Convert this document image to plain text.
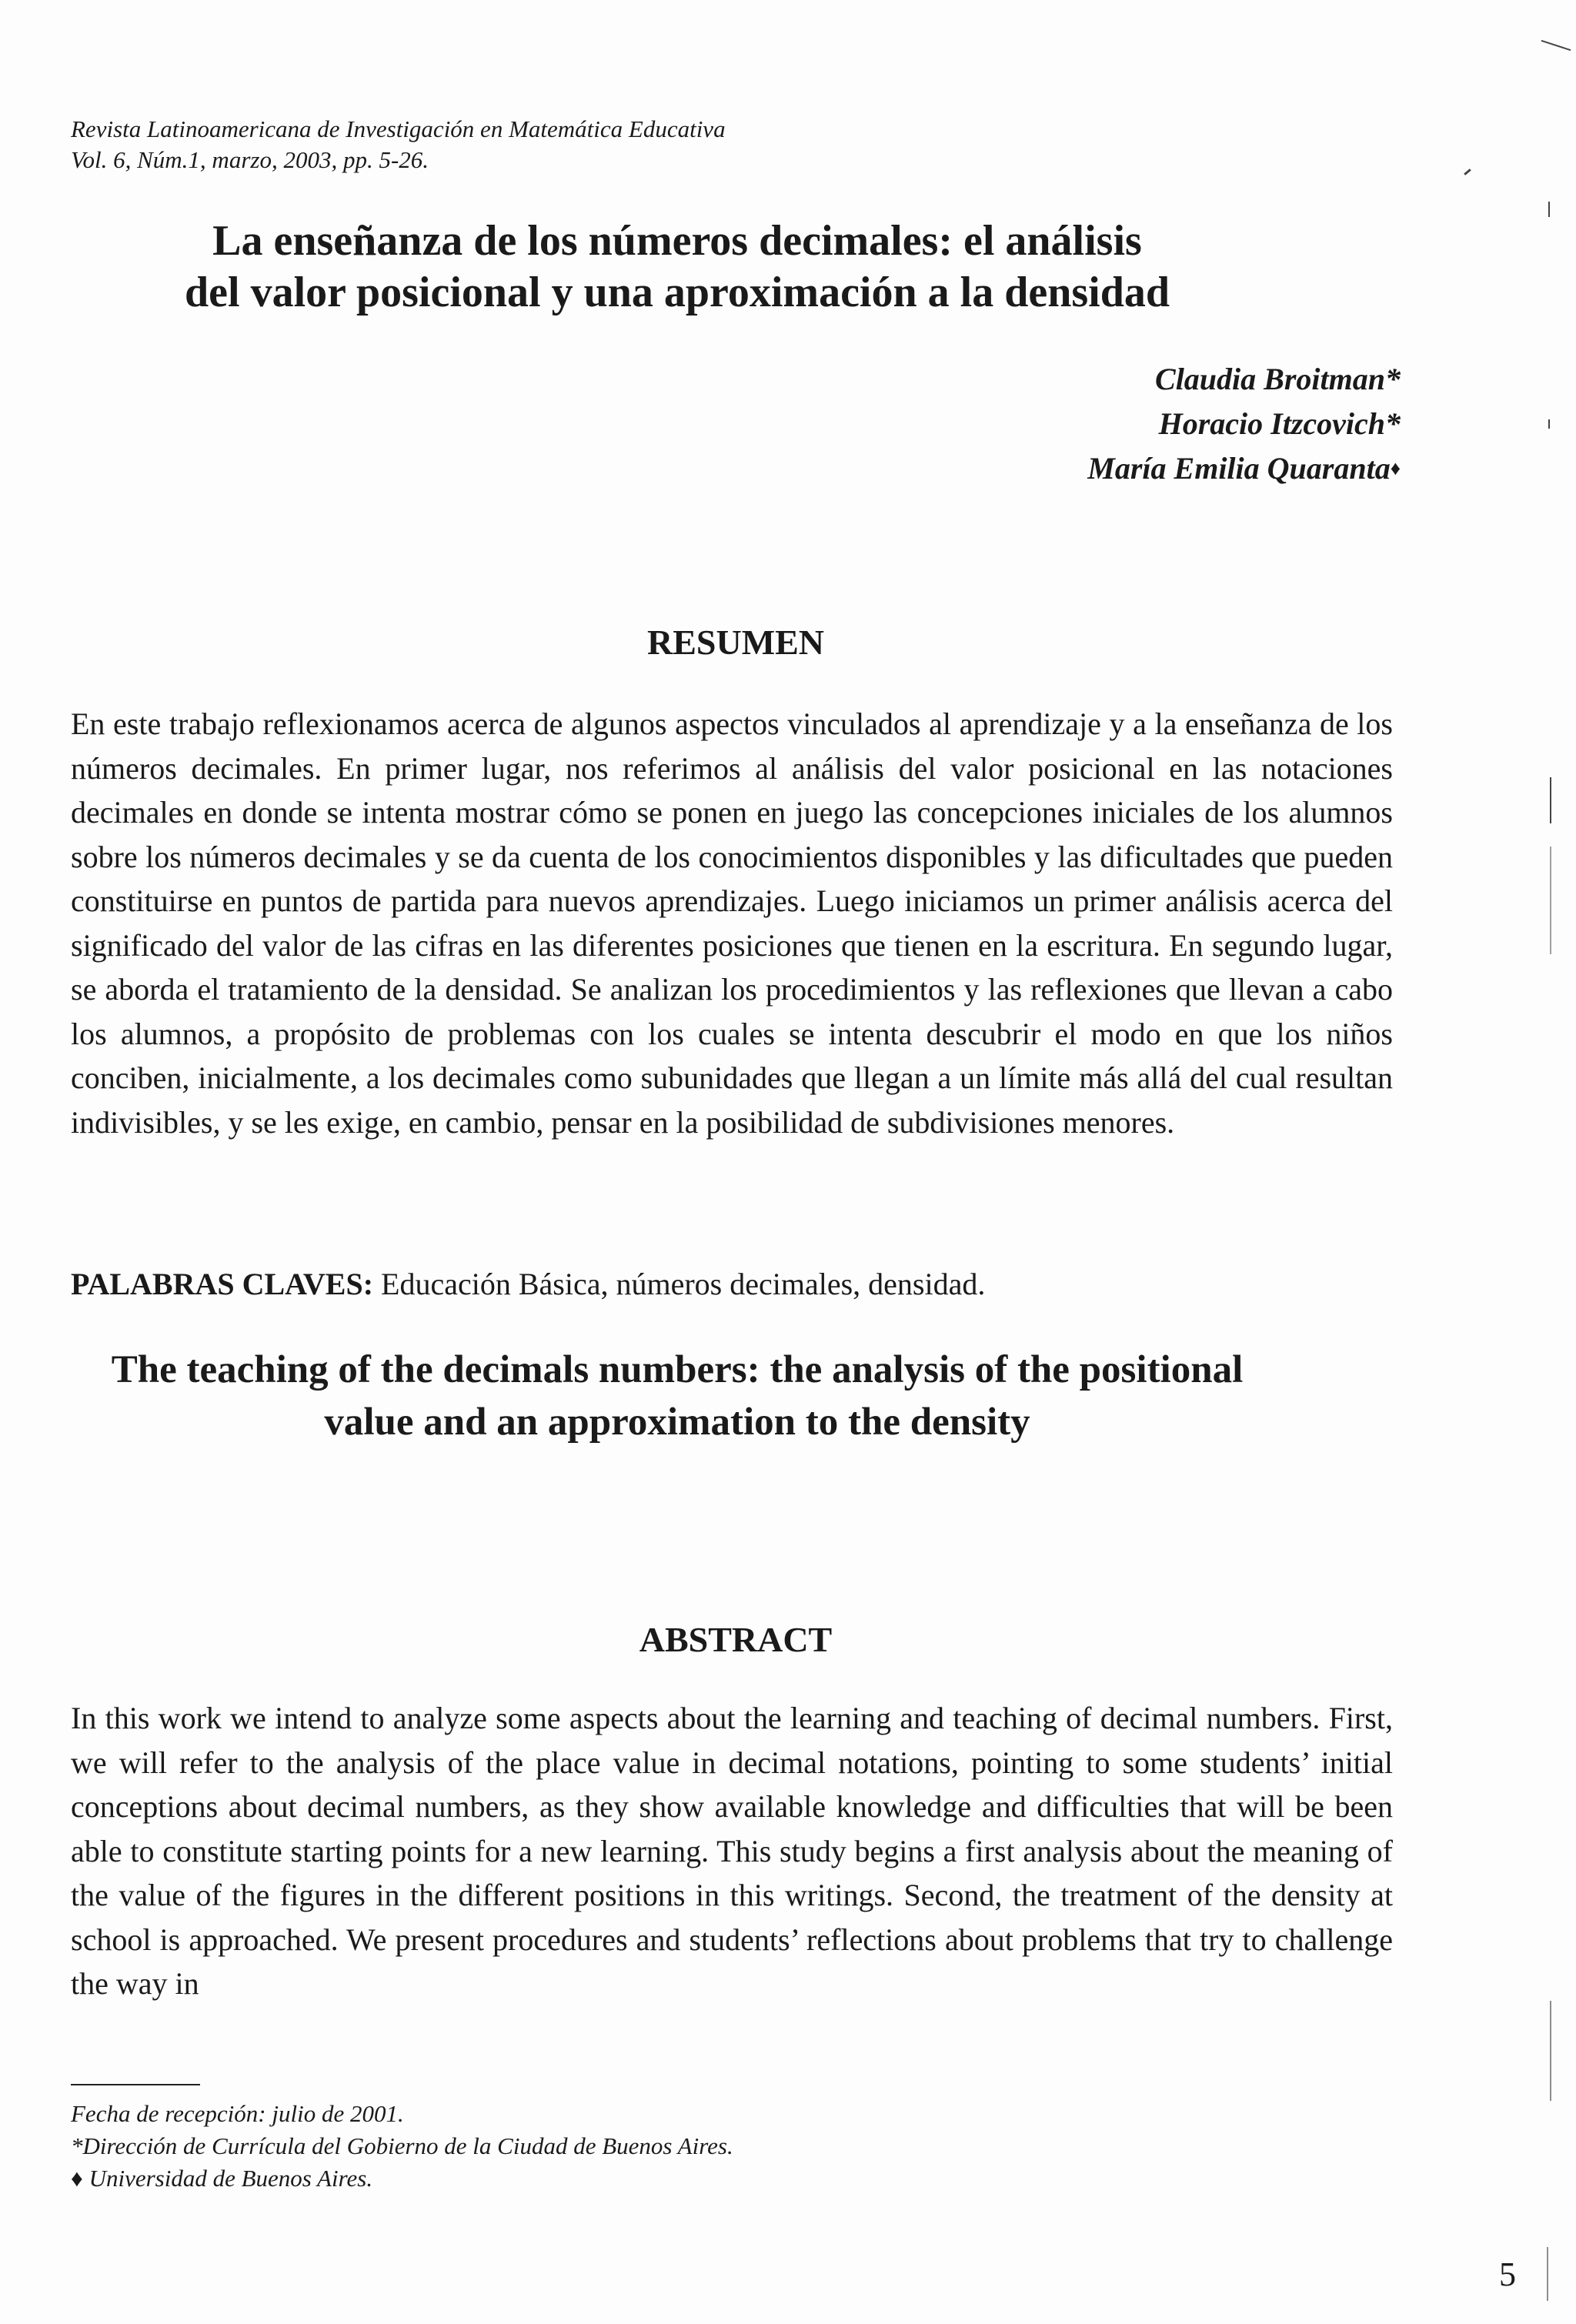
Revista Latinoamericana de Investigación en Matemática Educativa
Vol. 6, Núm.1, marzo, 2003, pp. 5-26.
La enseñanza de los números decimales: el análisis
del valor posicional y una aproximación a la densidad
Claudia Broitman*
Horacio Itzcovich*
María Emilia Quaranta♦
RESUMEN

En este trabajo reflexionamos acerca de algunos aspectos vinculados al aprendizaje y a la enseñanza de los números decimales. En primer lugar, nos referimos al análisis del valor posicional en las notaciones decimales en donde se intenta mostrar cómo se ponen en juego las concepciones iniciales de los alumnos sobre los números decimales y se da cuenta de los conocimientos disponibles y las dificultades que pueden constituirse en puntos de partida para nuevos aprendizajes. Luego iniciamos un primer análisis acerca del significado del valor de las cifras en las diferentes posiciones que tienen en la escritura. En segundo lugar, se aborda el tratamiento de la densidad. Se analizan los procedimientos y las reflexiones que llevan a cabo los alumnos, a propósito de problemas con los cuales se intenta descubrir el modo en que los niños conciben, inicialmente, a los decimales como subunidades que llegan a un límite más allá del cual resultan indivisibles, y se les exige, en cambio, pensar en la posibilidad de subdivisiones menores.

PALABRAS CLAVES: Educación Básica, números decimales, densidad.
The teaching of the decimals numbers: the analysis of the positional
value and an approximation to the density
ABSTRACT

In this work we intend to analyze some aspects about the learning and teaching of decimal numbers. First, we will refer to the analysis of the place value in decimal notations, pointing to some students’ initial conceptions about decimal numbers, as they show available knowledge and difficulties that will be been able to constitute starting points for a new learning. This study begins a first analysis about the meaning of the value of the figures in the different positions in this writings. Second, the treatment of the density at school is approached. We present procedures and students’ reflections about problems that try to challenge the way in

Fecha de recepción: julio de 2001.
*Dirección de Currícula del Gobierno de la Ciudad de Buenos Aires.
♦ Universidad de Buenos Aires.
5
